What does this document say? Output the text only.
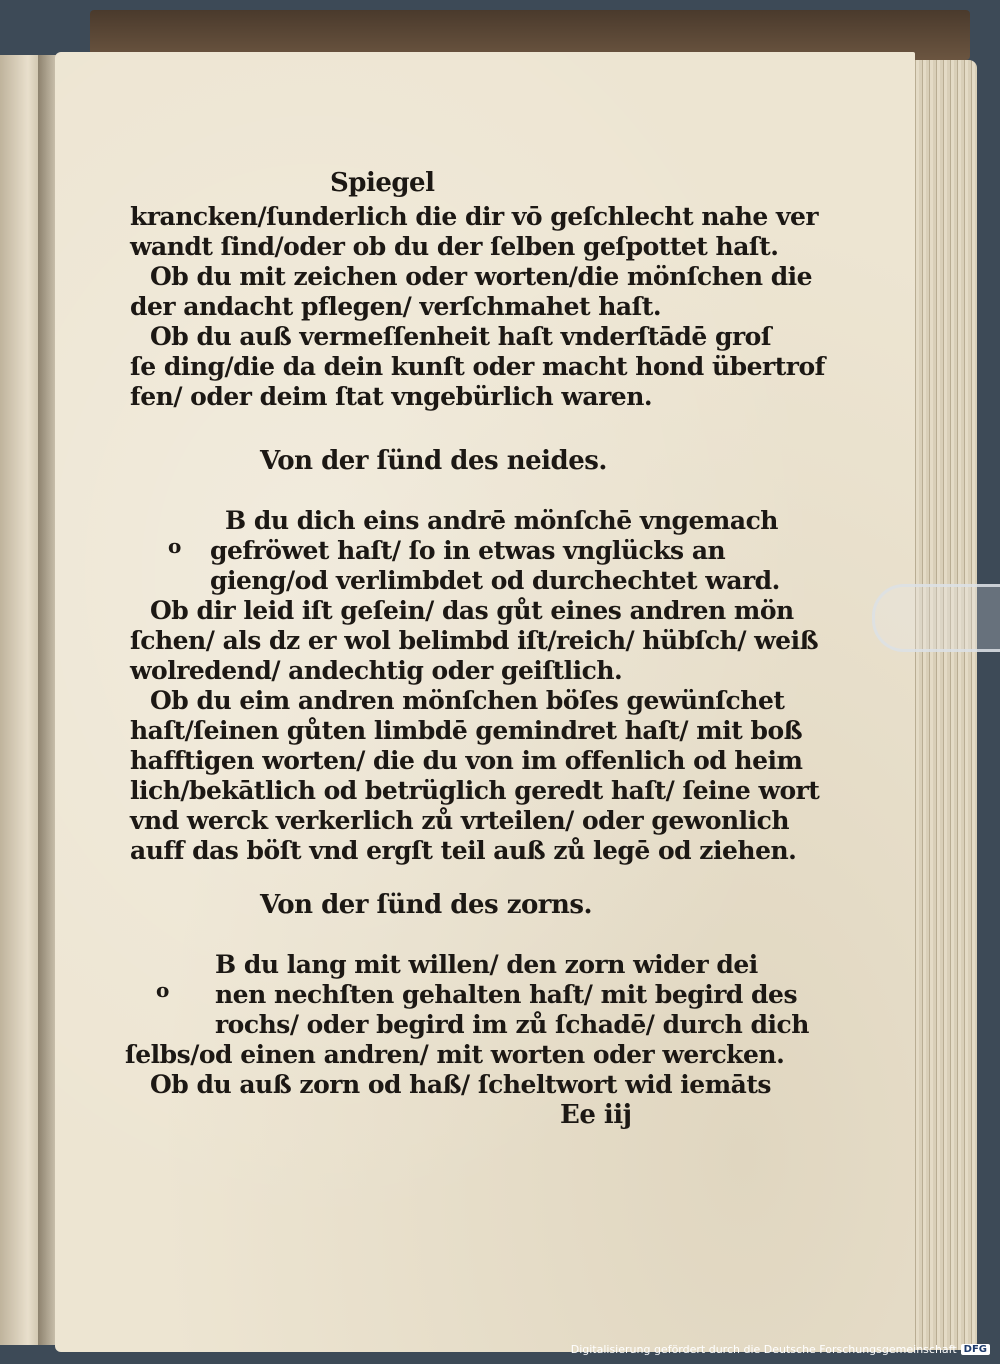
Spiegel
krancken/ſunderlich die dir vō geſchlecht nahe ver
wandt ſind/oder ob du der ſelben geſpottet haſt.
Ob du mit zeichen oder worten/die mönſchen die
der andacht pflegen/ verſchmahet haſt.
Ob du auß vermeſſenheit haſt vnderſtādē groſ
ſe ding/die da dein kunſt oder macht hond übertrof
fen/ oder deim ſtat vngebürlich waren.
Von der ſünd des neides.
o
B du dich eins andrē mönſchē vngemach
gefröwet haſt/ ſo in etwas vnglücks an
gieng/od verlimbdet od durchechtet ward.
Ob dir leid iſt geſein/ das gůt eines andren mön
ſchen/ als dz er wol belimbd iſt/reich/ hübſch/ weiß
wolredend/ andechtig oder geiſtlich.
Ob du eim andren mönſchen böſes gewünſchet
haſt/ſeinen gůten limbdē gemindret haſt/ mit boß
hafftigen worten/ die du von im offenlich od heim
lich/bekātlich od betrüglich geredt haſt/ ſeine wort
vnd werck verkerlich zů vrteilen/ oder gewonlich
auff das böſt vnd ergſt teil auß zů legē od ziehen.
Von der ſünd des zorns.
o
B du lang mit willen/ den zorn wider dei
nen nechſten gehalten haſt/ mit begird des
rochs/ oder begird im zů ſchadē/ durch dich
ſelbs/od einen andren/ mit worten oder wercken.
Ob du auß zorn od haß/ ſcheltwort wid iemāts
Ee iij
Digitalisierung gefördert durch die Deutsche Forschungsgemeinschaft DFG
